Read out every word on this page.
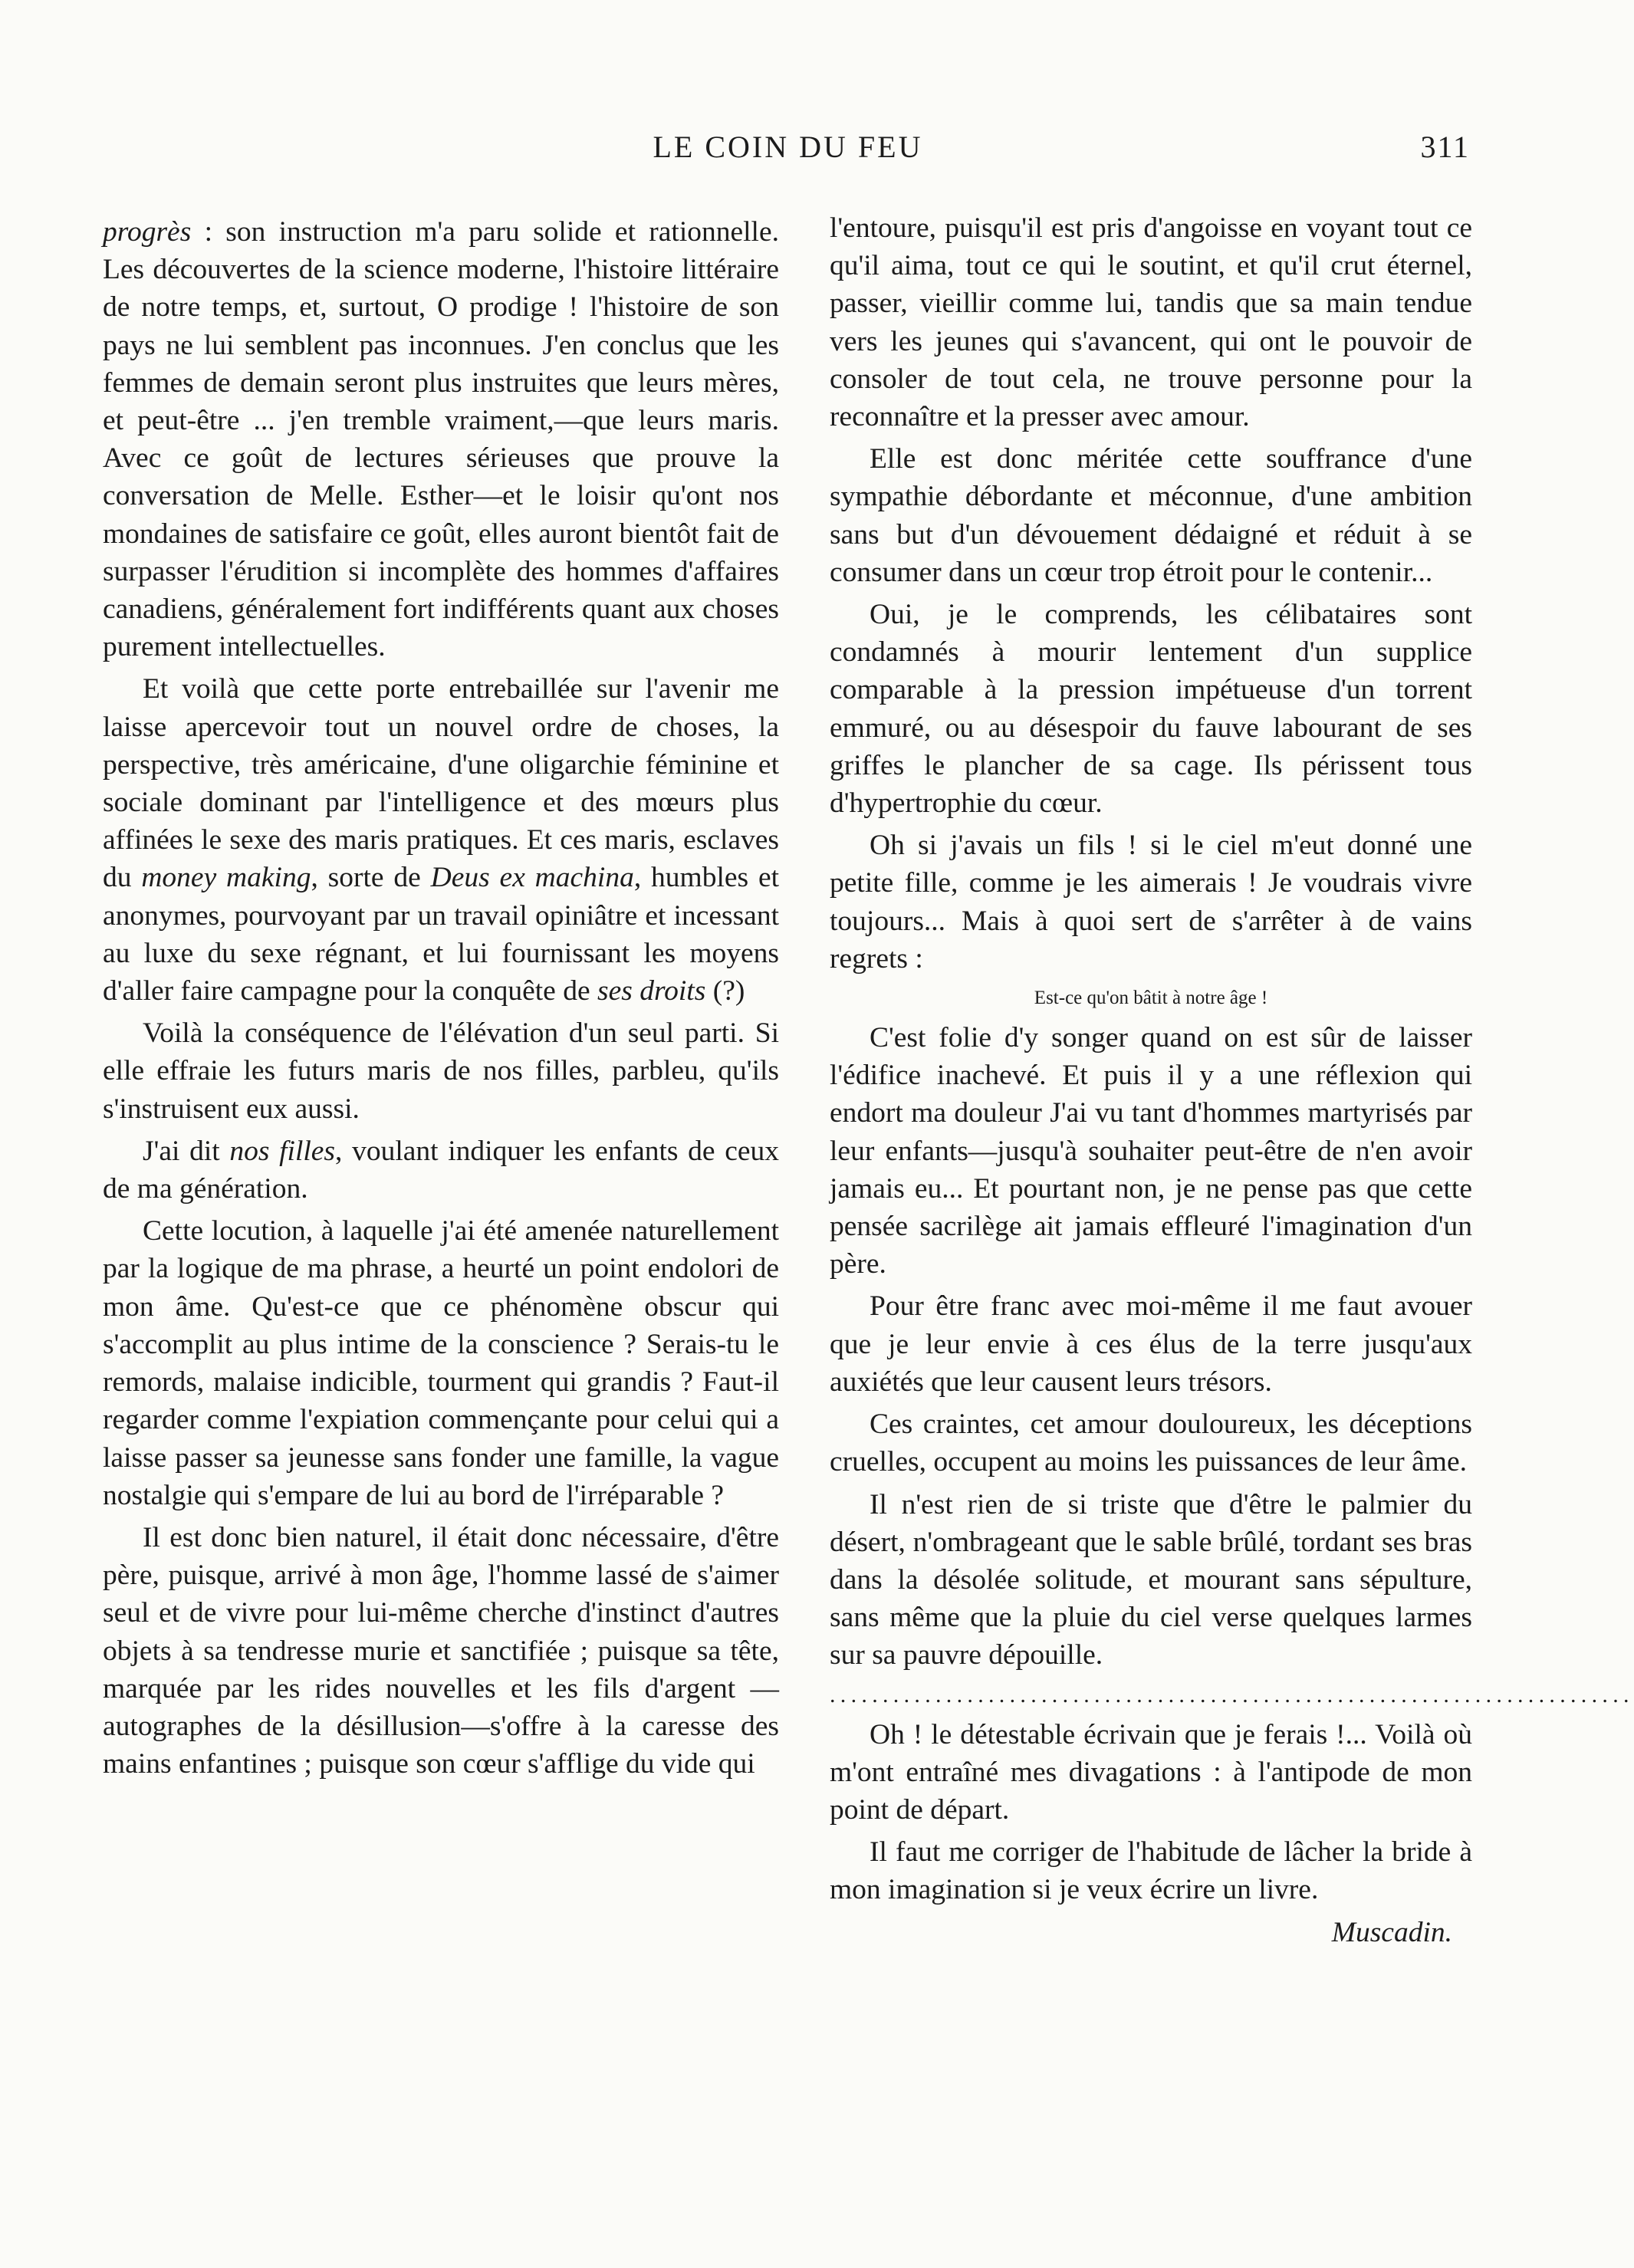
LE COIN DU FEU	311

progrès : son instruction m'a paru solide et rationnelle. Les découvertes de la science moderne, l'histoire littéraire de notre temps, et, surtout, O prodige ! l'histoire de son pays ne lui semblent pas inconnues. J'en conclus que les femmes de demain seront plus instruites que leurs mères, et peut-être ... j'en tremble vraiment,—que leurs maris. Avec ce goût de lectures sérieuses que prouve la conversation de Melle. Esther—et le loisir qu'ont nos mondaines de satisfaire ce goût, elles auront bientôt fait de surpasser l'érudition si incomplète des hommes d'affaires canadiens, généralement fort indifférents quant aux choses purement intellectuelles.

Et voilà que cette porte entrebaillée sur l'avenir me laisse apercevoir tout un nouvel ordre de choses, la perspective, très américaine, d'une oligarchie féminine et sociale dominant par l'intelligence et des mœurs plus affinées le sexe des maris pratiques. Et ces maris, esclaves du money making, sorte de Deus ex machina, humbles et anonymes, pourvoyant par un travail opiniâtre et incessant au luxe du sexe régnant, et lui fournissant les moyens d'aller faire campagne pour la conquête de ses droits (?)

Voilà la conséquence de l'élévation d'un seul parti. Si elle effraie les futurs maris de nos filles, parbleu, qu'ils s'instruisent eux aussi.

J'ai dit nos filles, voulant indiquer les enfants de ceux de ma génération.

Cette locution, à laquelle j'ai été amenée naturellement par la logique de ma phrase, a heurté un point endolori de mon âme. Qu'est-ce que ce phénomène obscur qui s'accomplit au plus intime de la conscience ? Serais-tu le remords, malaise indicible, tourment qui grandis ? Faut-il regarder comme l'expiation commençante pour celui qui a laisse passer sa jeunesse sans fonder une famille, la vague nostalgie qui s'empare de lui au bord de l'irréparable ?

Il est donc bien naturel, il était donc nécessaire, d'être père, puisque, arrivé à mon âge, l'homme lassé de s'aimer seul et de vivre pour lui-même cherche d'instinct d'autres objets à sa tendresse murie et sanctifiée ; puisque sa tête, marquée par les rides nouvelles et les fils d'argent — autographes de la désillusion—s'offre à la caresse des mains enfantines ; puisque son cœur s'afflige du vide qui

l'entoure, puisqu'il est pris d'angoisse en voyant tout ce qu'il aima, tout ce qui le soutint, et qu'il crut éternel, passer, vieillir comme lui, tandis que sa main tendue vers les jeunes qui s'avancent, qui ont le pouvoir de consoler de tout cela, ne trouve personne pour la reconnaître et la presser avec amour.

Elle est donc méritée cette souffrance d'une sympathie débordante et méconnue, d'une ambition sans but d'un dévouement dédaigné et réduit à se consumer dans un cœur trop étroit pour le contenir...

Oui, je le comprends, les célibataires sont condamnés à mourir lentement d'un supplice comparable à la pression impétueuse d'un torrent emmuré, ou au désespoir du fauve labourant de ses griffes le plancher de sa cage. Ils périssent tous d'hypertrophie du cœur.

Oh si j'avais un fils ! si le ciel m'eut donné une petite fille, comme je les aimerais ! Je voudrais vivre toujours... Mais à quoi sert de s'arrêter à de vains regrets :

Est-ce qu'on bâtit à notre âge !

C'est folie d'y songer quand on est sûr de laisser l'édifice inachevé. Et puis il y a une réflexion qui endort ma douleur J'ai vu tant d'hommes martyrisés par leur enfants—jusqu'à souhaiter peut-être de n'en avoir jamais eu... Et pourtant non, je ne pense pas que cette pensée sacrilège ait jamais effleuré l'imagination d'un père.

Pour être franc avec moi-même il me faut avouer que je leur envie à ces élus de la terre jusqu'aux auxiétés que leur causent leurs trésors.

Ces craintes, cet amour douloureux, les déceptions cruelles, occupent au moins les puissances de leur âme.

Il n'est rien de si triste que d'être le palmier du désert, n'ombrageant que le sable brûlé, tordant ses bras dans la désolée solitude, et mourant sans sépulture, sans même que la pluie du ciel verse quelques larmes sur sa pauvre dépouille.

............................................................................

Oh ! le détestable écrivain que je ferais !... Voilà où m'ont entraîné mes divagations : à l'antipode de mon point de départ.

Il faut me corriger de l'habitude de lâcher la bride à mon imagination si je veux écrire un livre.

Muscadin.
